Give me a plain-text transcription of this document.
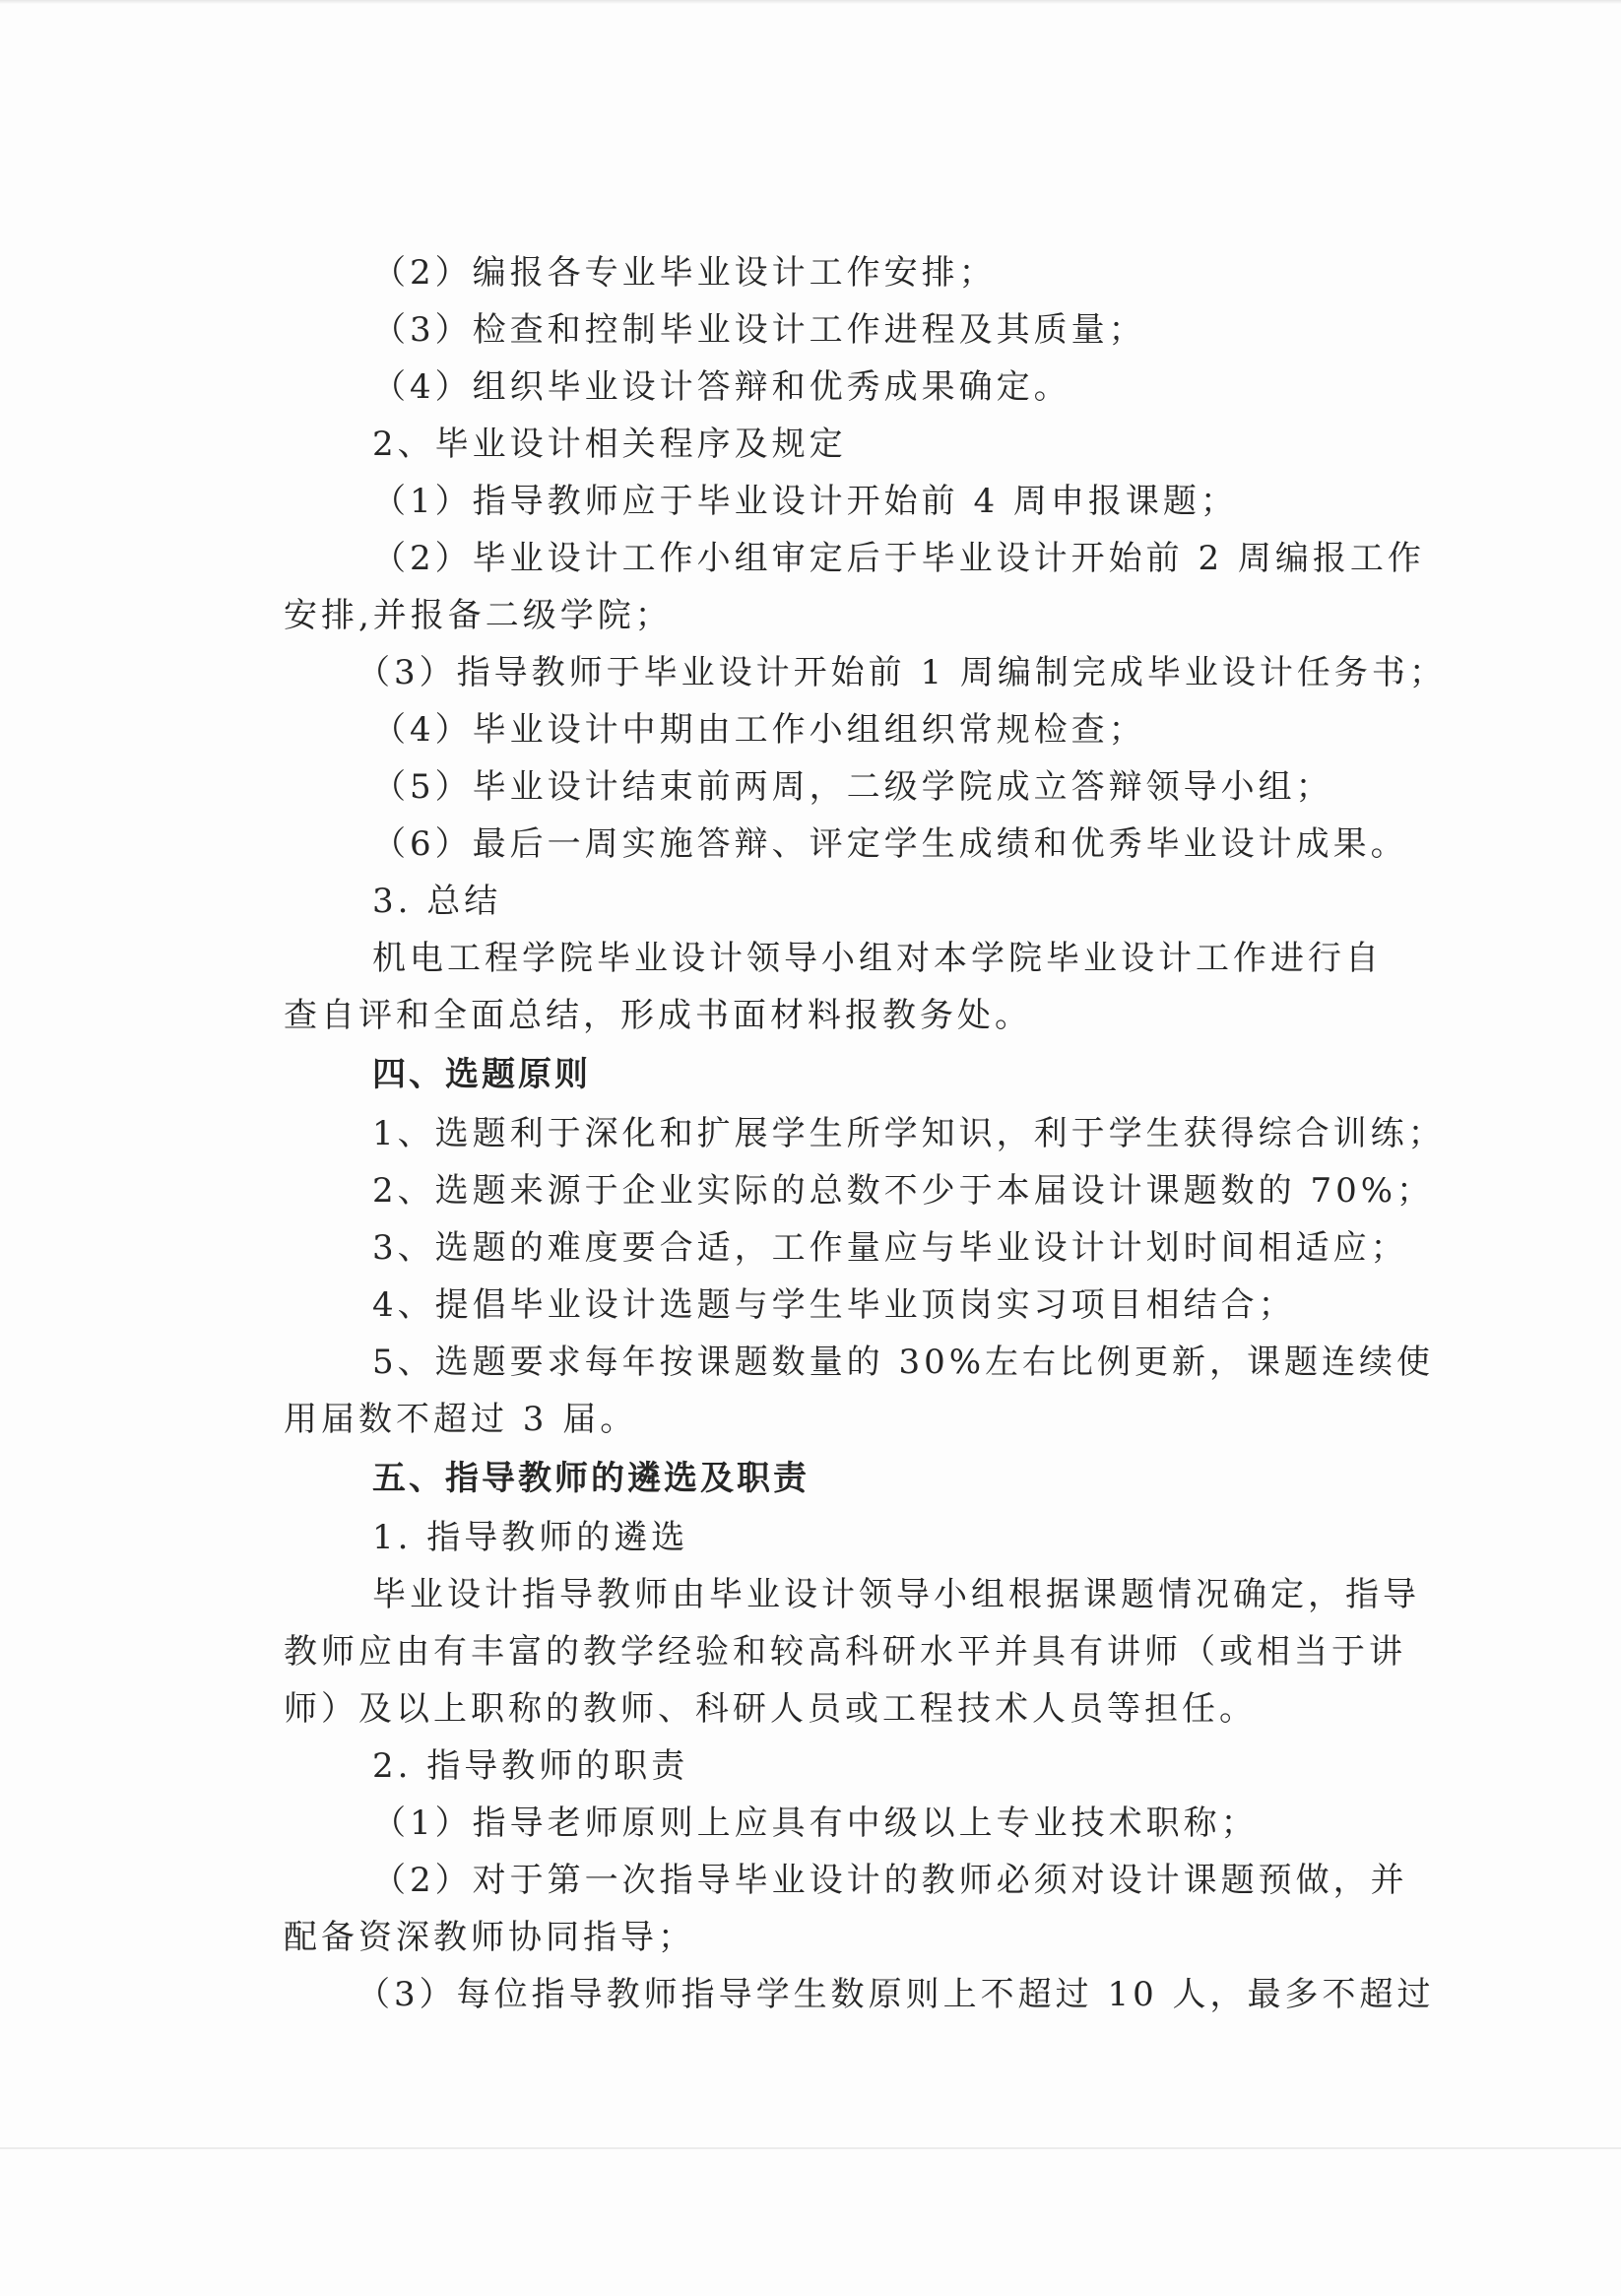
（2）编报各专业毕业设计工作安排；
（3）检查和控制毕业设计工作进程及其质量；
（4）组织毕业设计答辩和优秀成果确定。
2、毕业设计相关程序及规定
（1）指导教师应于毕业设计开始前 4 周申报课题；
（2）毕业设计工作小组审定后于毕业设计开始前 2 周编报工作
安排,并报备二级学院；
（3）指导教师于毕业设计开始前 1 周编制完成毕业设计任务书；
（4）毕业设计中期由工作小组组织常规检查；
（5）毕业设计结束前两周，二级学院成立答辩领导小组；
（6）最后一周实施答辩、评定学生成绩和优秀毕业设计成果。
3. 总结
机电工程学院毕业设计领导小组对本学院毕业设计工作进行自
查自评和全面总结，形成书面材料报教务处。
四、选题原则
1、选题利于深化和扩展学生所学知识，利于学生获得综合训练；
2、选题来源于企业实际的总数不少于本届设计课题数的 70%；
3、选题的难度要合适，工作量应与毕业设计计划时间相适应；
4、提倡毕业设计选题与学生毕业顶岗实习项目相结合；
5、选题要求每年按课题数量的 30%左右比例更新，课题连续使
用届数不超过 3 届。
五、指导教师的遴选及职责
1. 指导教师的遴选
毕业设计指导教师由毕业设计领导小组根据课题情况确定，指导
教师应由有丰富的教学经验和较高科研水平并具有讲师（或相当于讲
师）及以上职称的教师、科研人员或工程技术人员等担任。
2. 指导教师的职责
（1）指导老师原则上应具有中级以上专业技术职称；
（2）对于第一次指导毕业设计的教师必须对设计课题预做，并
配备资深教师协同指导；
（3）每位指导教师指导学生数原则上不超过 10 人，最多不超过
